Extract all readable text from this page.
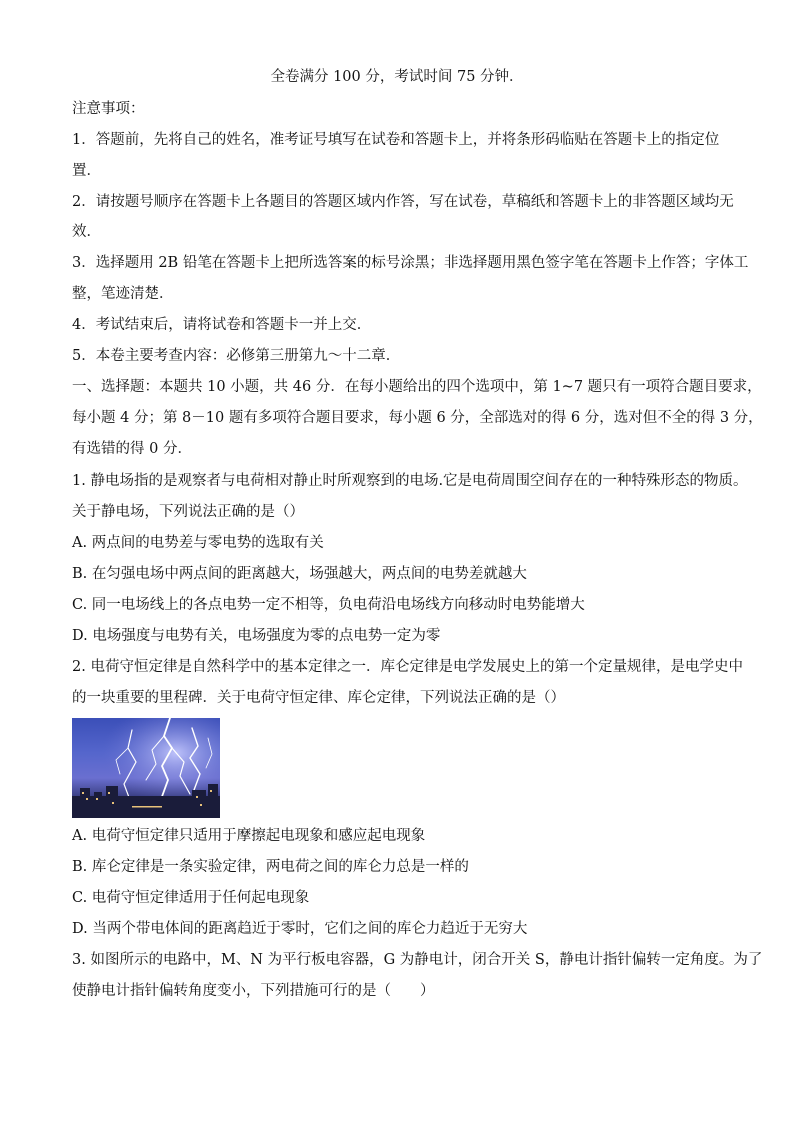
全卷满分 100 分，考试时间 75 分钟．
注意事项：
1．答题前，先将自己的姓名，准考证号填写在试卷和答题卡上，并将条形码临贴在答题卡上的指定位
置．
2．请按题号顺序在答题卡上各题目的答题区域内作答，写在试卷，草稿纸和答题卡上的非答题区域均无
效．
3．选择题用 2B 铅笔在答题卡上把所选答案的标号涂黑；非选择题用黑色签字笔在答题卡上作答；字体工
整，笔迹清楚．
4．考试结束后，请将试卷和答题卡一并上交．
5．本卷主要考查内容：必修第三册第九～十二章．
一、选择题：本题共 10 小题，共 46 分．在每小题给出的四个选项中，第 1~7 题只有一项符合题目要求，
每小题 4 分；第 8－10 题有多项符合题目要求，每小题 6 分，全部选对的得 6 分，选对但不全的得 3 分，
有选错的得 0 分．
1. 静电场指的是观察者与电荷相对静止时所观察到的电场.它是电荷周围空间存在的一种特殊形态的物质。
关于静电场，下列说法正确的是（）
A. 两点间的电势差与零电势的选取有关
B. 在匀强电场中两点间的距离越大，场强越大，两点间的电势差就越大
C. 同一电场线上的各点电势一定不相等，负电荷沿电场线方向移动时电势能增大
D. 电场强度与电势有关，电场强度为零的点电势一定为零
2. 电荷守恒定律是自然科学中的基本定律之一．库仑定律是电学发展史上的第一个定量规律，是电学史中
的一块重要的里程碑．关于电荷守恒定律、库仑定律，下列说法正确的是（）
A. 电荷守恒定律只适用于摩擦起电现象和感应起电现象
B. 库仑定律是一条实验定律，两电荷之间的库仑力总是一样的
C. 电荷守恒定律适用于任何起电现象
D. 当两个带电体间的距离趋近于零时，它们之间的库仑力趋近于无穷大
3. 如图所示的电路中，M、N 为平行板电容器，G 为静电计，闭合开关 S，静电计指针偏转一定角度。为了
使静电计指针偏转角度变小，下列措施可行的是（　　）
